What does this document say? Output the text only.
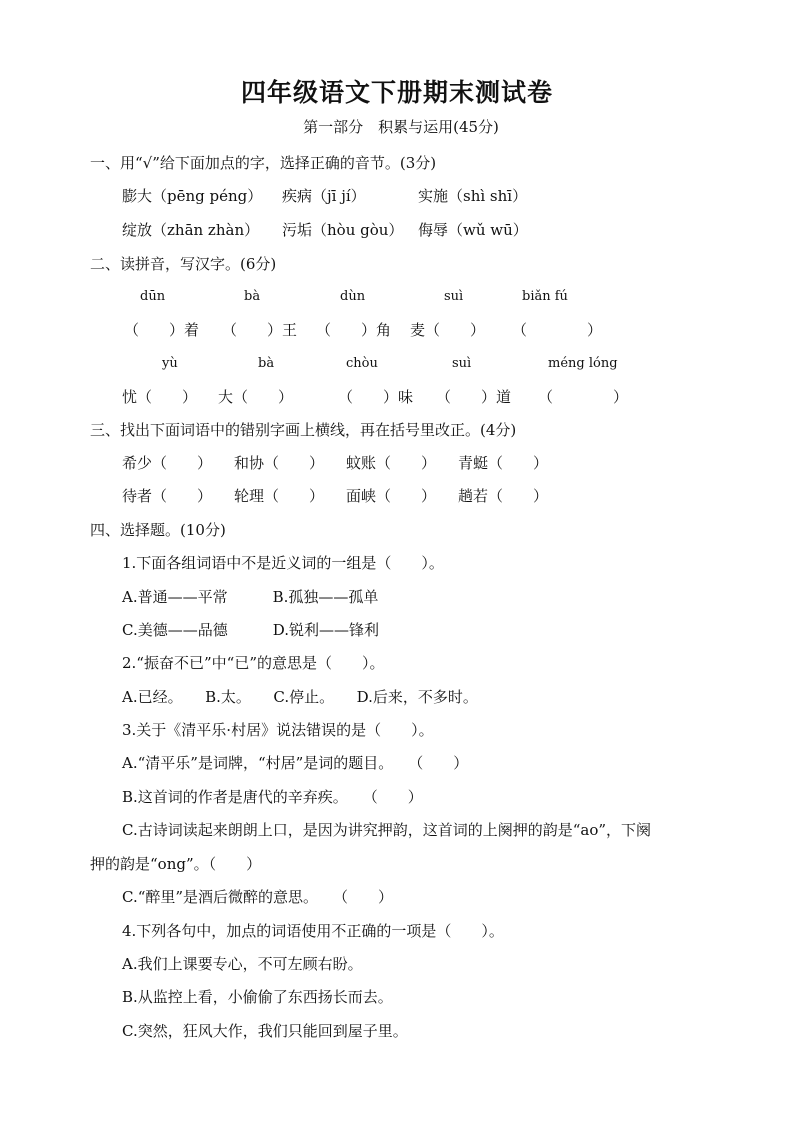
四年级语文下册期末测试卷
第一部分　积累与运用(45分)
一、用“√”给下面加点的字，选择正确的音节。(3分)
膨大（pēng péng） 疾病（jī jí）	实施（shì shī）
绽放（zhān zhàn） 污垢（hòu gòu） 侮辱（wǔ wū）
二、读拼音，写汉字。(6分)
dūn	bà	dùn	suì	biǎn fú
（　　）着 （　　）王 （　　）角 麦（　　） （　　　　）
yù	bà	chòu	suì	méng lóng
忧（　　） 大（　　）	（　　）味 （　　）道 （　　　　）
三、找出下面词语中的错别字画上横线，再在括号里改正。(4分)
希少（　　） 和协（　　） 蚊账（　　） 青蜓（　　）
待者（　　） 轮理（　　） 面峡（　　） 趟若（　　）
四、选择题。(10分)
1.下面各组词语中不是近义词的一组是（　　）。
A.普通——平常　　　B.孤独——孤单
C.美德——品德　　　D.锐利——锋利
2.“振奋不已”中“已”的意思是（　　）。
A.已经。　　B.太。　　C.停止。　　D.后来，不多时。
3.关于《清平乐·村居》说法错误的是（　　）。
A.“清平乐”是词牌，“村居”是词的题目。　　（　　）
B.这首词的作者是唐代的辛弃疾。　　（　　）
C.古诗词读起来朗朗上口，是因为讲究押韵，这首词的上阕押的韵是“ao”，下阕
押的韵是“ong”。（　　）
C.“醉里”是酒后微醉的意思。　　（　　）
4.下列各句中，加点的词语使用不正确的一项是（　　）。
A.我们上课要专心，不可左顾右盼。
B.从监控上看，小偷偷了东西扬长而去。
C.突然，狂风大作，我们只能回到屋子里。
